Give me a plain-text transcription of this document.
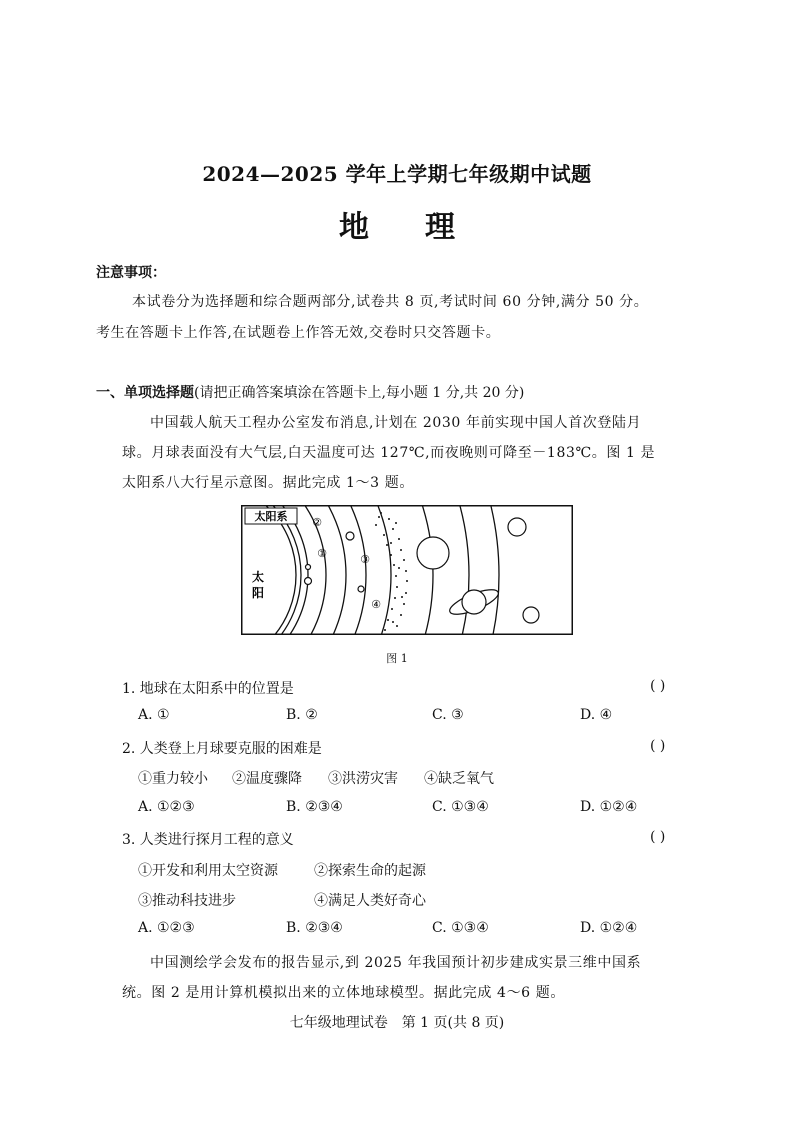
2024—2025 学年上学期七年级期中试题
地理
注意事项：
本试卷分为选择题和综合题两部分,试卷共 8 页,考试时间 60 分钟,满分 50 分。
考生在答题卡上作答,在试题卷上作答无效,交卷时只交答题卡。
一、单项选择题(请把正确答案填涂在答题卡上,每小题 1 分,共 20 分)
中国载人航天工程办公室发布消息,计划在 2030 年前实现中国人首次登陆月
球。月球表面没有大气层,白天温度可达 127℃,而夜晚则可降至－183℃。图 1 是
太阳系八大行星示意图。据此完成 1～3 题。
太阳系
太
阳
①
②
③
④
图 1
1. 地球在太阳系中的位置是	( )
A. ①	B. ②	C. ③	D. ④
2. 人类登上月球要克服的困难是	( )
①重力较小 ②温度骤降 ③洪涝灾害 ④缺乏氧气
A. ①②③	B. ②③④	C. ①③④	D. ①②④
3. 人类进行探月工程的意义	( )
①开发和利用太空资源	②探索生命的起源
③推动科技进步	④满足人类好奇心
A. ①②③	B. ②③④	C. ①③④	D. ①②④
中国测绘学会发布的报告显示,到 2025 年我国预计初步建成实景三维中国系
统。图 2 是用计算机模拟出来的立体地球模型。据此完成 4～6 题。
七年级地理试卷　第 1 页(共 8 页)
